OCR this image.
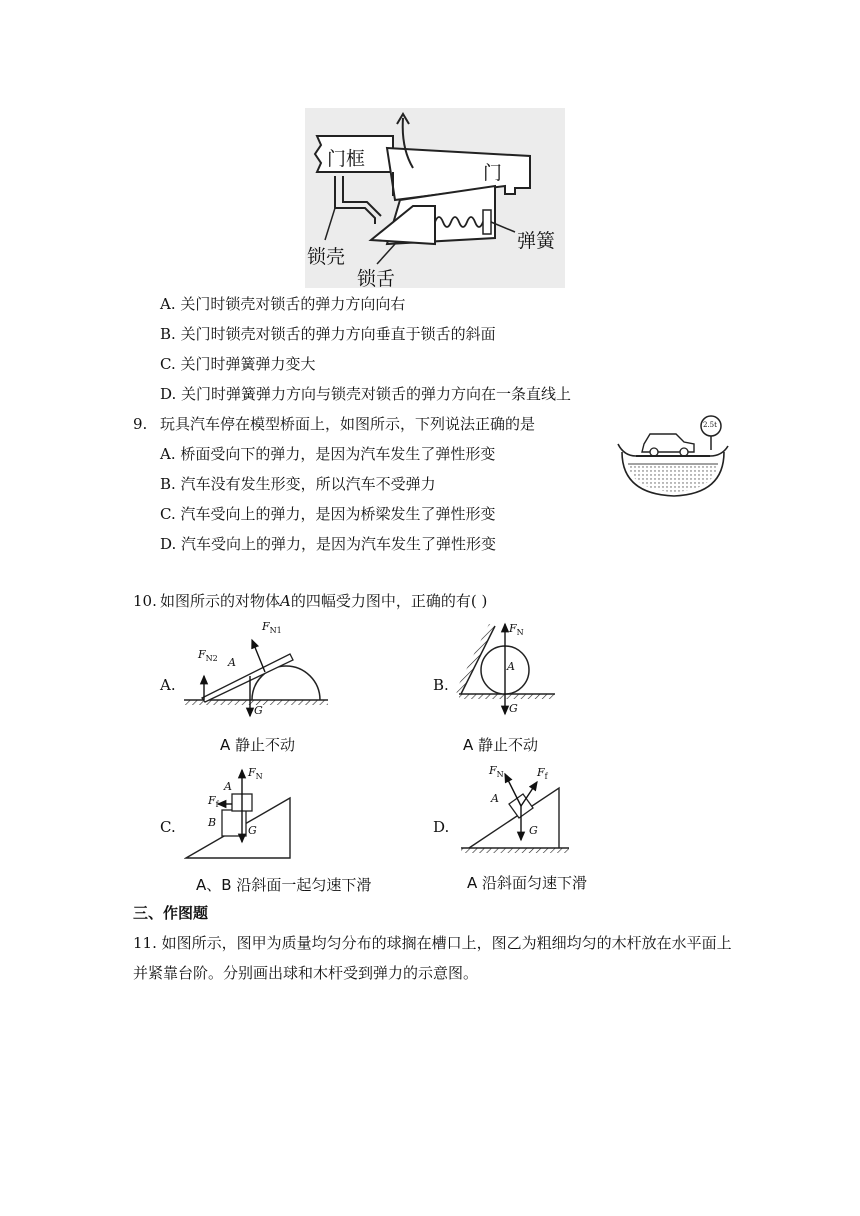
门框
门
锁壳
锁舌
弹簧
A. 关门时锁壳对锁舌的弹力方向向右
B. 关门时锁壳对锁舌的弹力方向垂直于锁舌的斜面
C. 关门时弹簧弹力变大
D. 关门时弹簧弹力方向与锁壳对锁舌的弹力方向在一条直线上
9. 玩具汽车停在模型桥面上，如图所示，下列说法正确的是
A. 桥面受向下的弹力，是因为汽车发生了弹性形变
B. 汽车没有发生形变，所以汽车不受弹力
C. 汽车受向上的弹力，是因为桥梁发生了弹性形变
D. 汽车受向上的弹力，是因为汽车发生了弹性形变
2.5t
10. 如图所示的对物体A的四幅受力图中，正确的有( )
A.
$F_{N1}$
$F_{N2}$ A
G
A 静止不动
B.
$F_N$
A
G
A 静止不动
C.
$F_N$
A
$F_f$
B
G
A、B 沿斜面一起匀速下滑
D.
$F_N$	$F_f$
A
G
A 沿斜面匀速下滑
三、作图题
11. 如图所示，图甲为质量均匀分布的球搁在槽口上，图乙为粗细均匀的木杆放在水平面上
并紧靠台阶。分别画出球和木杆受到弹力的示意图。
